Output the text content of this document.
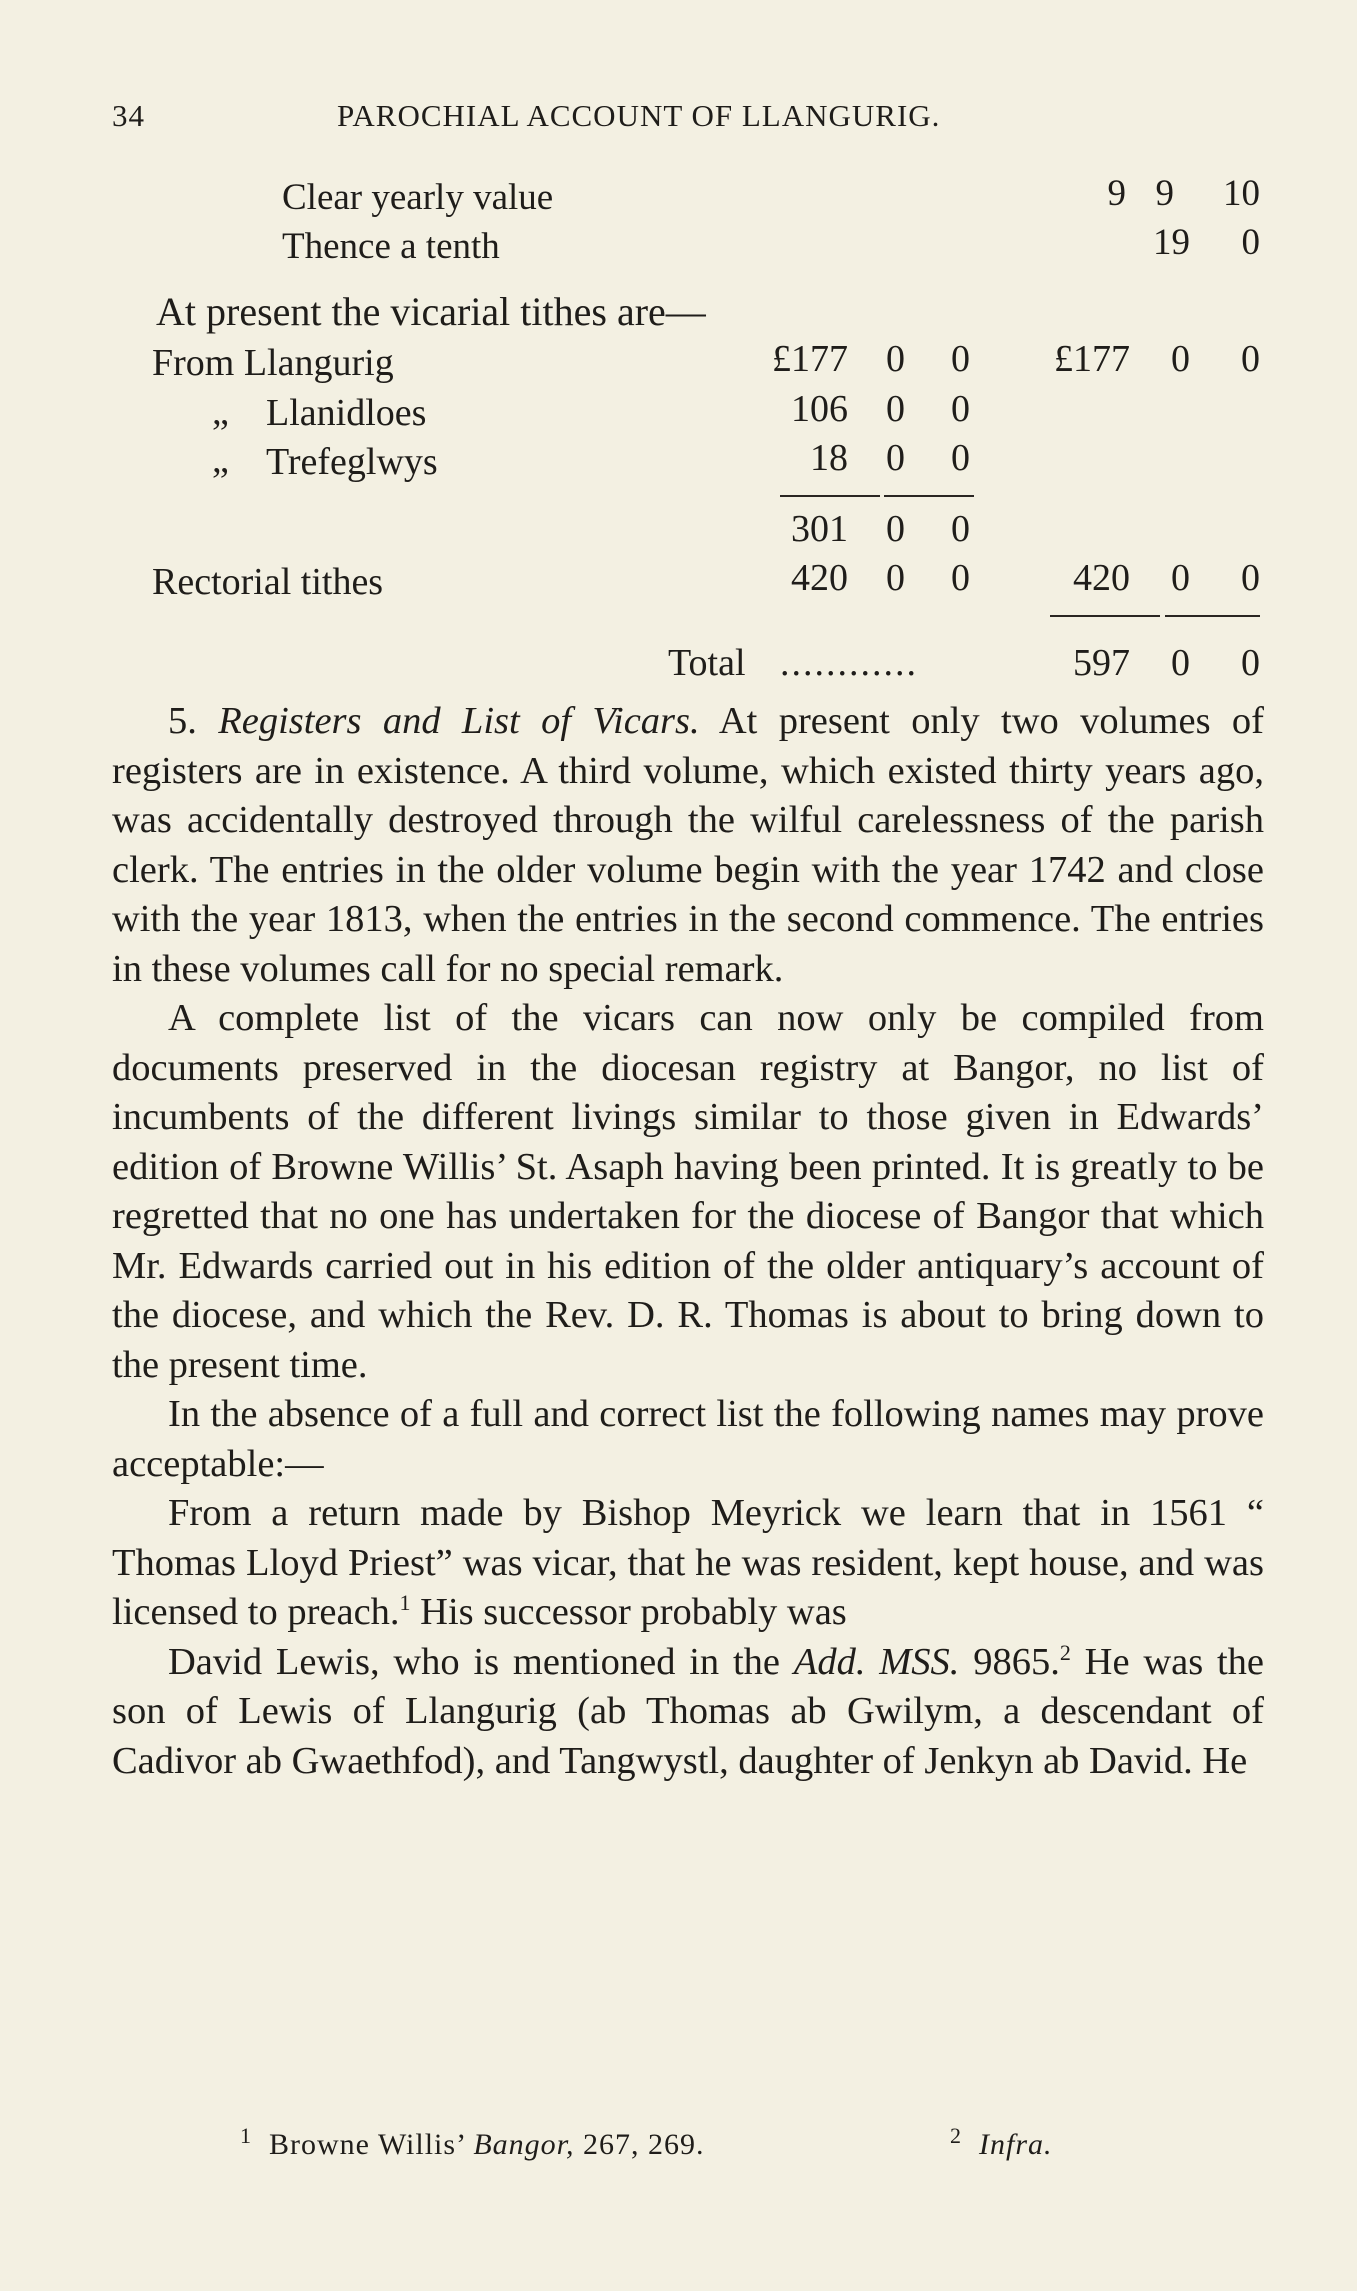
34	PAROCHIAL ACCOUNT OF LLANGURIG.
Clear yearly value	9 9	10
Thence a tenth	19	0
At present the vicarial tithes are—
From Llangurig	£177 0 0	£177 0 0
„ Llanidloes	106 0 0
„ Trefeglwys	18 0 0
301 0 0
Rectorial tithes	420 0 0	420 0 0
Total ............	597 0 0

5. Registers and List of Vicars. At present only two volumes of registers are in existence. A third volume, which existed thirty years ago, was accidentally destroyed through the wilful carelessness of the parish clerk. The entries in the older volume begin with the year 1742 and close with the year 1813, when the entries in the second commence. The entries in these volumes call for no special remark.

A complete list of the vicars can now only be compiled from documents preserved in the diocesan registry at Bangor, no list of incumbents of the different livings similar to those given in Edwards’ edition of Browne Willis’ St. Asaph having been printed. It is greatly to be regretted that no one has undertaken for the diocese of Bangor that which Mr. Edwards carried out in his edition of the older antiquary’s account of the diocese, and which the Rev. D. R. Thomas is about to bring down to the present time.

In the absence of a full and correct list the following names may prove acceptable:—

From a return made by Bishop Meyrick we learn that in 1561 “ Thomas Lloyd Priest” was vicar, that he was resident, kept house, and was licensed to preach.$^1$ His successor probably was

David Lewis, who is mentioned in the Add. MSS. 9865.$^2$ He was the son of Lewis of Llangurig (ab Thomas ab Gwilym, a descendant of Cadivor ab Gwaethfod), and Tangwystl, daughter of Jenkyn ab David. He

$^1$ Browne Willis’ Bangor, 267, 269.	$^2$ Infra.
